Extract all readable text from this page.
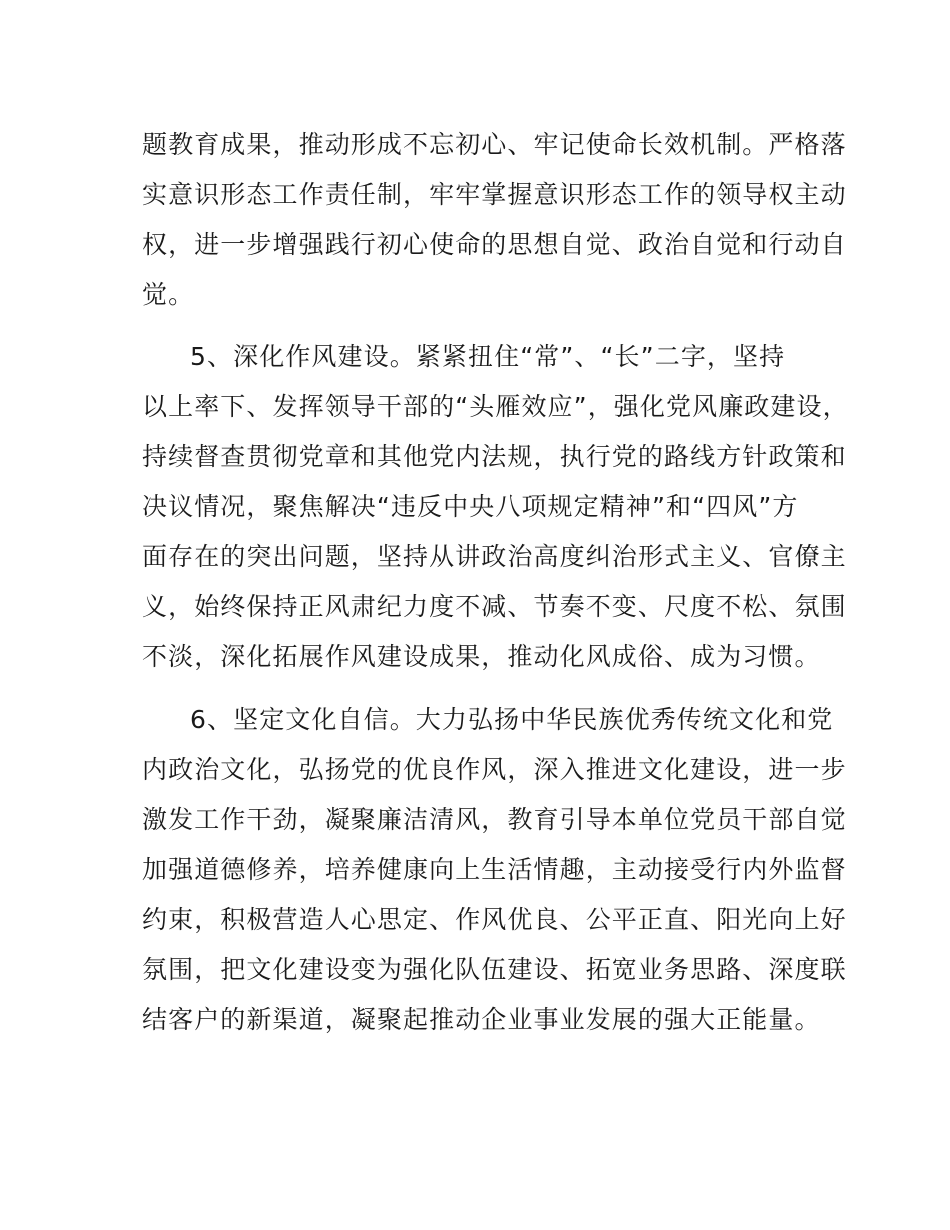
题教育成果，推动形成不忘初心、牢记使命长效机制。严格落
实意识形态工作责任制，牢牢掌握意识形态工作的领导权主动
权，进一步增强践行初心使命的思想自觉、政治自觉和行动自
觉。
5、深化作风建设。紧紧扭住“常”、“长”二字，坚持
以上率下、发挥领导干部的“头雁效应”，强化党风廉政建设，
持续督查贯彻党章和其他党内法规，执行党的路线方针政策和
决议情况，聚焦解决“违反中央八项规定精神”和“四风”方
面存在的突出问题，坚持从讲政治高度纠治形式主义、官僚主
义，始终保持正风肃纪力度不减、节奏不变、尺度不松、氛围
不淡，深化拓展作风建设成果，推动化风成俗、成为习惯。
6、坚定文化自信。大力弘扬中华民族优秀传统文化和党
内政治文化，弘扬党的优良作风，深入推进文化建设，进一步
激发工作干劲，凝聚廉洁清风，教育引导本单位党员干部自觉
加强道德修养，培养健康向上生活情趣，主动接受行内外监督
约束，积极营造人心思定、作风优良、公平正直、阳光向上好
氛围，把文化建设变为强化队伍建设、拓宽业务思路、深度联
结客户的新渠道，凝聚起推动企业事业发展的强大正能量。
